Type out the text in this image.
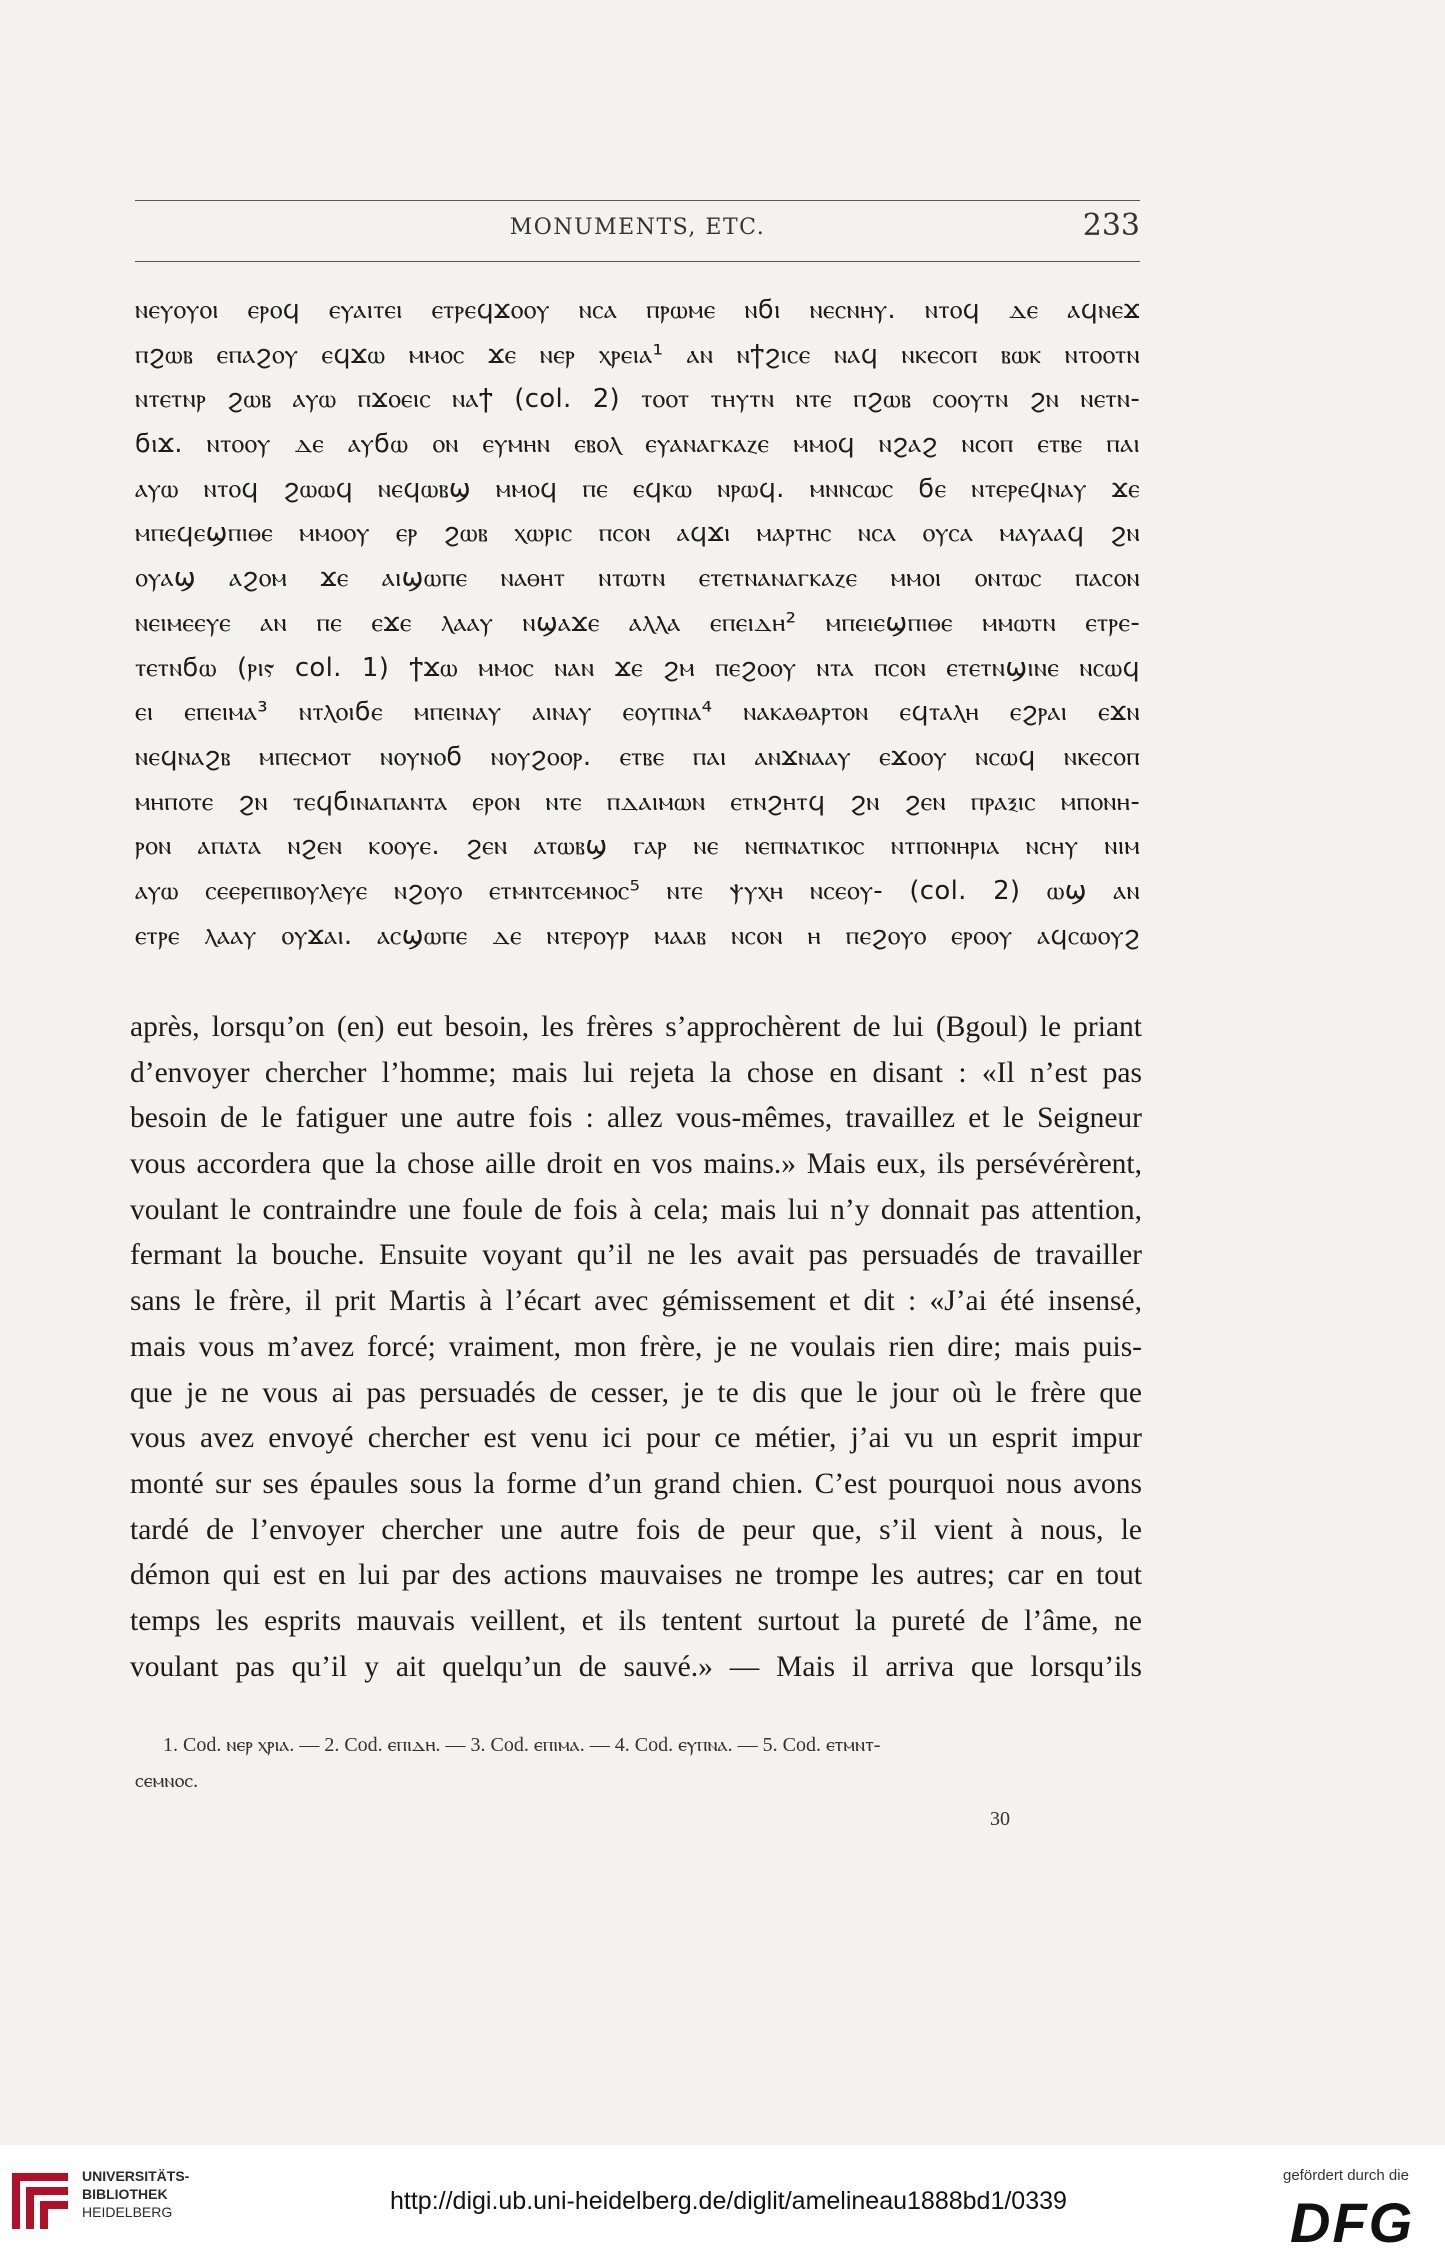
MONUMENTS, ETC.	233
ⲛⲉⲩⲟⲩⲟⲓ ⲉⲣⲟϥ ⲉⲩⲁⲓⲧⲉⲓ ⲉⲧⲣⲉϥϫⲟⲟⲩ ⲛⲥⲁ ⲡⲣⲱⲙⲉ ⲛϭⲓ ⲛⲉⲥⲛⲏⲩ. ⲛⲧⲟϥ ⲇⲉ ⲁϥⲛⲉϫ
ⲡϩⲱⲃ ⲉⲡⲁϩⲟⲩ ⲉϥϫⲱ ⲙⲙⲟⲥ ϫⲉ ⲛⲉⲣ ⲭⲣⲉⲓⲁ¹ ⲁⲛ ⲛϯϩⲓⲥⲉ ⲛⲁϥ ⲛⲕⲉⲥⲟⲡ ⲃⲱⲕ ⲛⲧⲟⲟⲧⲛ
ⲛⲧⲉⲧⲛⲣ ϩⲱⲃ ⲁⲩⲱ ⲡϫⲟⲉⲓⲥ ⲛⲁϯ (col. 2) ⲧⲟⲟⲧ ⲧⲏⲩⲧⲛ ⲛⲧⲉ ⲡϩⲱⲃ ⲥⲟⲟⲩⲧⲛ ϩⲛ ⲛⲉⲧⲛ-
ϭⲓϫ. ⲛⲧⲟⲟⲩ ⲇⲉ ⲁⲩϭⲱ ⲟⲛ ⲉⲩⲙⲏⲛ ⲉⲃⲟⲗ ⲉⲩⲁⲛⲁⲅⲕⲁⲍⲉ ⲙⲙⲟϥ ⲛϩⲁϩ ⲛⲥⲟⲡ ⲉⲧⲃⲉ ⲡⲁⲓ
ⲁⲩⲱ ⲛⲧⲟϥ ϩⲱⲱϥ ⲛⲉϥⲱⲃϣ ⲙⲙⲟϥ ⲡⲉ ⲉϥⲕⲱ ⲛⲣⲱϥ. ⲙⲛⲛⲥⲱⲥ ϭⲉ ⲛⲧⲉⲣⲉϥⲛⲁⲩ ϫⲉ
ⲙⲡⲉϥⲉϣⲡⲓⲑⲉ ⲙⲙⲟⲟⲩ ⲉⲣ ϩⲱⲃ ⲭⲱⲣⲓⲥ ⲡⲥⲟⲛ ⲁϥϫⲓ ⲙⲁⲣⲧⲏⲥ ⲛⲥⲁ ⲟⲩⲥⲁ ⲙⲁⲩⲁⲁϥ ϩⲛ
ⲟⲩⲁϣ ⲁϩⲟⲙ ϫⲉ ⲁⲓϣⲱⲡⲉ ⲛⲁⲑⲏⲧ ⲛⲧⲱⲧⲛ ⲉⲧⲉⲧⲛⲁⲛⲁⲅⲕⲁⲍⲉ ⲙⲙⲟⲓ ⲟⲛⲧⲱⲥ ⲡⲁⲥⲟⲛ
ⲛⲉⲓⲙⲉⲉⲩⲉ ⲁⲛ ⲡⲉ ⲉϫⲉ ⲗⲁⲁⲩ ⲛϣⲁϫⲉ ⲁⲗⲗⲁ ⲉⲡⲉⲓⲇⲏ² ⲙⲡⲉⲓⲉϣⲡⲓⲑⲉ ⲙⲙⲱⲧⲛ ⲉⲧⲣⲉ-
ⲧⲉⲧⲛϭⲱ (ⲣⲓⲋ col. 1) ϯϫⲱ ⲙⲙⲟⲥ ⲛⲁⲛ ϫⲉ ϩⲙ ⲡⲉϩⲟⲟⲩ ⲛⲧⲁ ⲡⲥⲟⲛ ⲉⲧⲉⲧⲛϣⲓⲛⲉ ⲛⲥⲱϥ
ⲉⲓ ⲉⲡⲉⲓⲙⲁ³ ⲛⲧⲗⲟⲓϭⲉ ⲙⲡⲉⲓⲛⲁⲩ ⲁⲓⲛⲁⲩ ⲉⲟⲩⲡⲛⲁ⁴ ⲛⲁⲕⲁⲑⲁⲣⲧⲟⲛ ⲉϥⲧⲁⲗⲏ ⲉϩⲣⲁⲓ ⲉϫⲛ
ⲛⲉϥⲛⲁϩⲃ ⲙⲡⲉⲥⲙⲟⲧ ⲛⲟⲩⲛⲟϭ ⲛⲟⲩϩⲟⲟⲣ. ⲉⲧⲃⲉ ⲡⲁⲓ ⲁⲛϫⲛⲁⲁⲩ ⲉϫⲟⲟⲩ ⲛⲥⲱϥ ⲛⲕⲉⲥⲟⲡ
ⲙⲏⲡⲟⲧⲉ ϩⲛ ⲧⲉϥϭⲓⲛⲁⲡⲁⲛⲧⲁ ⲉⲣⲟⲛ ⲛⲧⲉ ⲡⲇⲁⲓⲙⲱⲛ ⲉⲧⲛϩⲏⲧϥ ϩⲛ ϩⲉⲛ ⲡⲣⲁⲝⲓⲥ ⲙⲡⲟⲛⲏ-
ⲣⲟⲛ ⲁⲡⲁⲧⲁ ⲛϩⲉⲛ ⲕⲟⲟⲩⲉ. ϩⲉⲛ ⲁⲧⲱⲃϣ ⲅⲁⲣ ⲛⲉ ⲛⲉⲡⲛⲁⲧⲓⲕⲟⲥ ⲛⲧⲡⲟⲛⲏⲣⲓⲁ ⲛⲥⲏⲩ ⲛⲓⲙ
ⲁⲩⲱ ⲥⲉⲉⲣⲉⲡⲓⲃⲟⲩⲗⲉⲩⲉ ⲛϩⲟⲩⲟ ⲉⲧⲙⲛⲧⲥⲉⲙⲛⲟⲥ⁵ ⲛⲧⲉ ⲯⲩⲭⲏ ⲛⲥⲉⲟⲩ- (col. 2) ⲱϣ ⲁⲛ
ⲉⲧⲣⲉ ⲗⲁⲁⲩ ⲟⲩϫⲁⲓ. ⲁⲥϣⲱⲡⲉ ⲇⲉ ⲛⲧⲉⲣⲟⲩⲣ ⲙⲁⲁⲃ ⲛⲥⲟⲛ ⲏ ⲡⲉϩⲟⲩⲟ ⲉⲣⲟⲟⲩ ⲁϥⲥⲱⲟⲩϩ
après, lorsqu’on (en) eut besoin, les frères s’approchèrent de lui (Bgoul) le priant
d’envoyer chercher l’homme; mais lui rejeta la chose en disant : «Il n’est pas
besoin de le fatiguer une autre fois : allez vous-mêmes, travaillez et le Seigneur
vous accordera que la chose aille droit en vos mains.» Mais eux, ils persévérèrent,
voulant le contraindre une foule de fois à cela; mais lui n’y donnait pas attention,
fermant la bouche. Ensuite voyant qu’il ne les avait pas persuadés de travailler
sans le frère, il prit Martis à l’écart avec gémissement et dit : «J’ai été insensé,
mais vous m’avez forcé; vraiment, mon frère, je ne voulais rien dire; mais puis-
que je ne vous ai pas persuadés de cesser, je te dis que le jour où le frère que
vous avez envoyé chercher est venu ici pour ce métier, j’ai vu un esprit impur
monté sur ses épaules sous la forme d’un grand chien. C’est pourquoi nous avons
tardé de l’envoyer chercher une autre fois de peur que, s’il vient à nous, le
démon qui est en lui par des actions mauvaises ne trompe les autres; car en tout
temps les esprits mauvais veillent, et ils tentent surtout la pureté de l’âme, ne
voulant pas qu’il y ait quelqu’un de sauvé.» — Mais il arriva que lorsqu’ils
1. Cod. ⲛⲉⲣ ⲭⲣⲓⲁ. — 2. Cod. ⲉⲡⲓⲇⲏ. — 3. Cod. ⲉⲡⲓⲙⲁ. — 4. Cod. ⲉⲩⲡⲛⲁ. — 5. Cod. ⲉⲧⲙⲛⲧ-
ⲥⲉⲙⲛⲟⲥ.
30
UNIVERSITÄTS-
BIBLIOTHEK
HEIDELBERG	http://digi.ub.uni-heidelberg.de/diglit/amelineau1888bd1/0339
gefördert durch die
DFG
